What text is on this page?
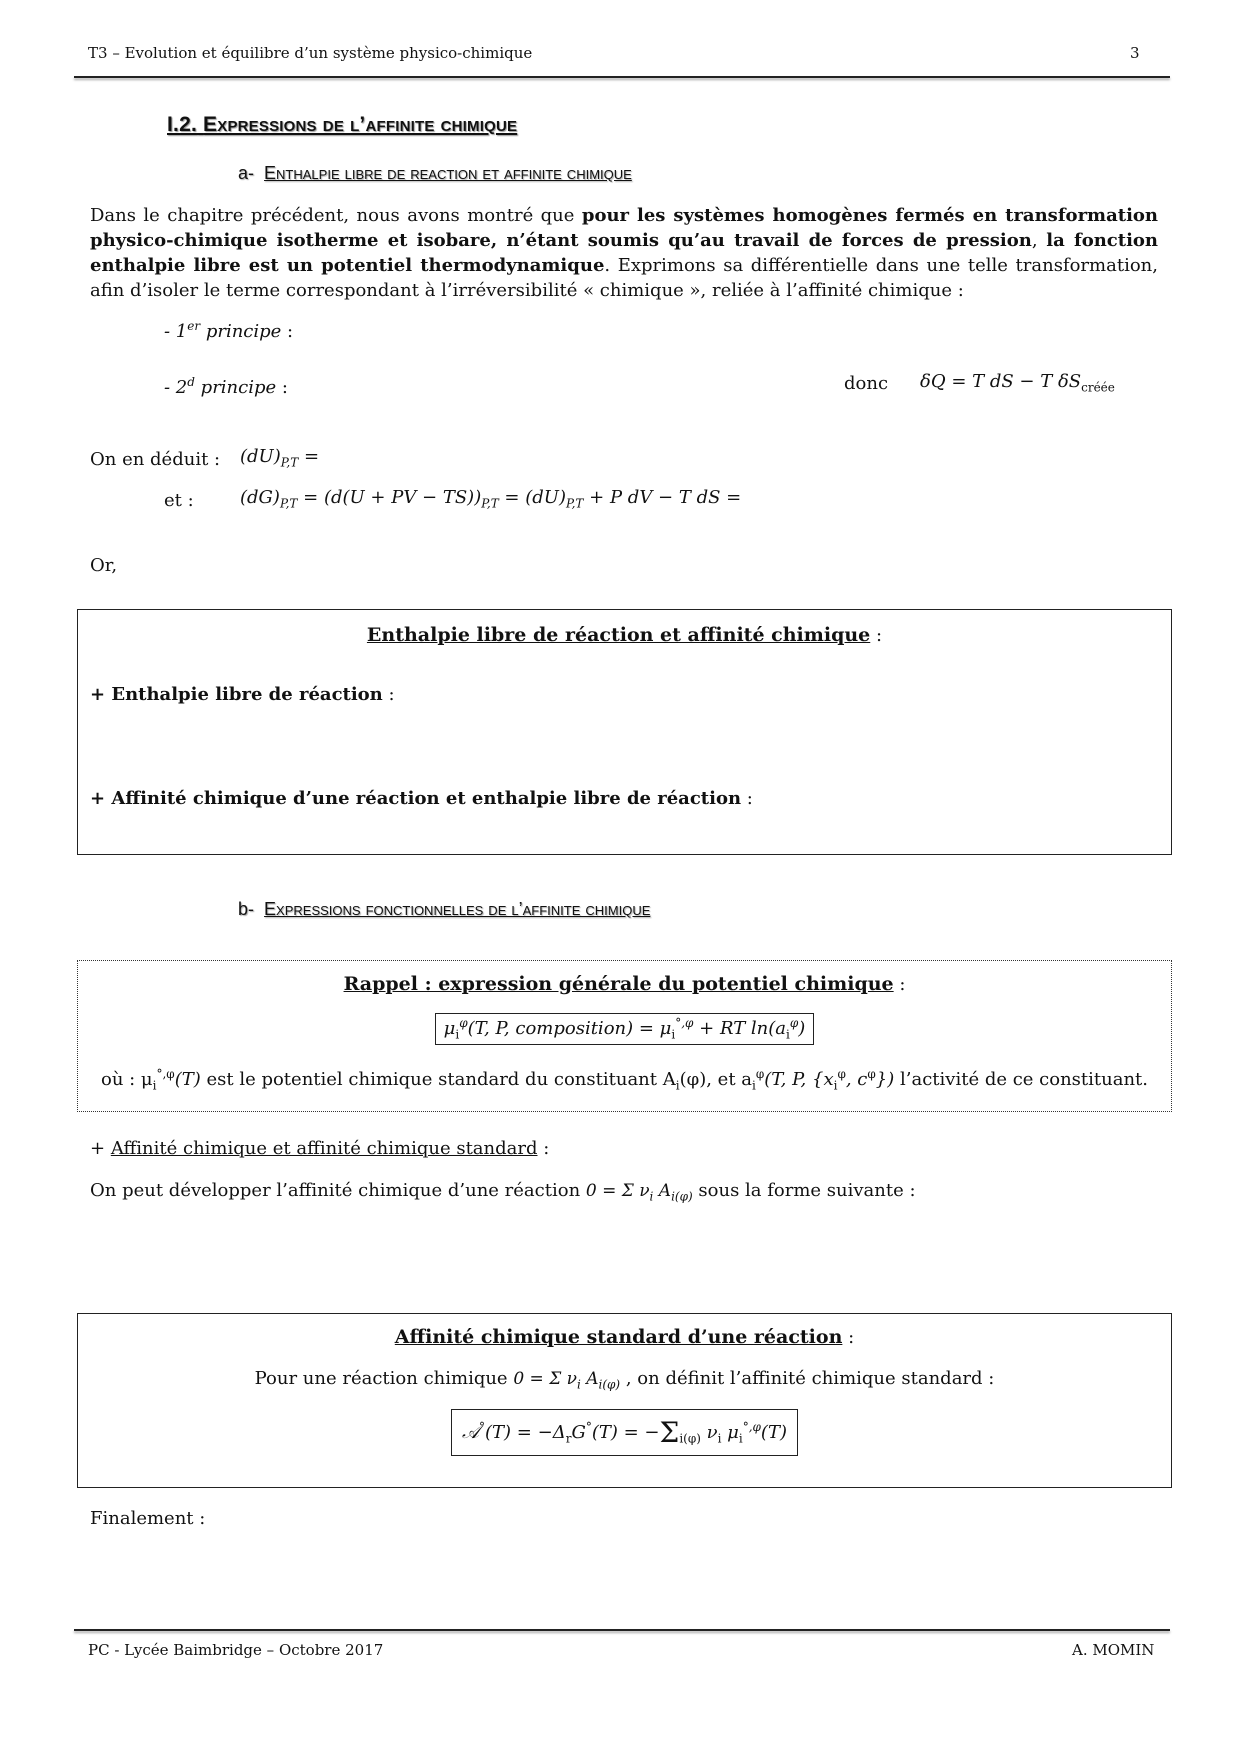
T3 – Evolution et équilibre d’un système physico-chimique	3
I.2. Expressions de l’affinite chimique
a- Enthalpie libre de reaction et affinite chimique
Dans le chapitre précédent, nous avons montré que pour les systèmes homogènes fermés en transformation physico-chimique isotherme et isobare, n’étant soumis qu’au travail de forces de pression, la fonction enthalpie libre est un potentiel thermodynamique. Exprimons sa différentielle dans une telle transformation, afin d’isoler le terme correspondant à l’irréversibilité « chimique », reliée à l’affinité chimique :
- 1er principe :
- 2$^d$ principe :	donc δQ = T dS − T $\delta S_{créée}$
On en déduit : $(dU)_{P,T}$ =
et :	$(dG)_{P,T} = (d(U$ + PV − $TS))_{P,T} = (dU)_{P,T} + P$ dV − T dS =
Or,
Enthalpie libre de réaction et affinité chimique :
+ Enthalpie libre de réaction :
+ Affinité chimique d’une réaction et enthalpie libre de réaction :
b- Expressions fonctionnelles de l’affinite chimique
Rappel : expression générale du potentiel chimique :
$\mu_i^\varphi(T$, P, composition) = $\mu_i^{^\circ,\varphi}$ + RT $\ln(a_i^\varphi)$
où : $\mu_i^{^\circ,\varphi}(T)$ est le potentiel chimique standard du constituant $A_i(\varphi)$, et $a_i^\varphi(T$, P, {$x_i^\varphi$, $c^\varphi$}) l’activité de ce constituant.
+ Affinité chimique et affinité chimique standard :
On peut développer l’affinité chimique d’une réaction 0 = Σ $\nu_i$ $A_{i(\varphi)}$ sous la forme suivante :
Affinité chimique standard d’une réaction :
Pour une réaction chimique 0 = Σ $\nu_i$ $A_{i(\varphi)}$ , on définit l’affinité chimique standard :
𝒜°(T) = $-\Delta_rG^\circ(T) = -\Sigma_{i(\varphi)}$ $\nu_i$ $\mu_i^{^\circ,\varphi}(T)$
Finalement :
PC - Lycée Baimbridge – Octobre 2017	A. MOMIN
